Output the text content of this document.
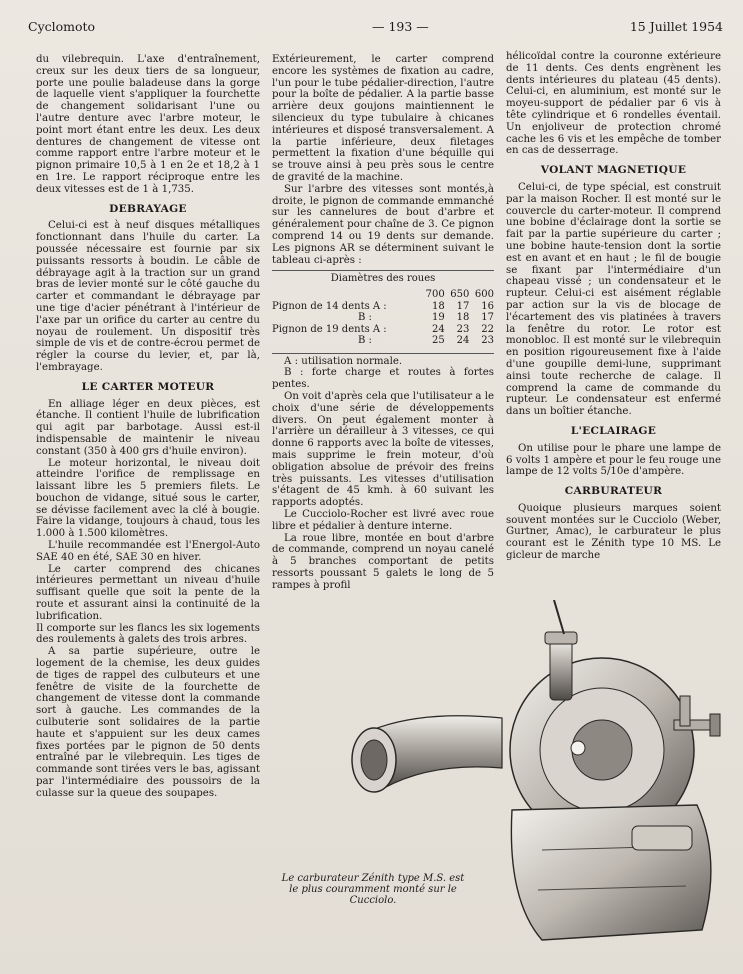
Cyclomoto	— 193 —	15 Juillet 1954

du vilebrequin. L'axe d'entraînement, creux sur les deux tiers de sa longueur, porte une poulie baladeuse dans la gorge de laquelle vient s'appliquer la fourchette de changement solidarisant l'une ou l'autre denture avec l'arbre moteur, le point mort étant entre les deux. Les deux dentures de changement de vitesse ont comme rapport entre l'arbre moteur et le pignon primaire 10,5 à 1 en 2e et 18,2 à 1 en 1re. Le rapport réciproque entre les deux vitesses est de 1 à 1,735.

DEBRAYAGE

Celui-ci est à neuf disques métalliques fonctionnant dans l'huile du carter. La poussée nécessaire est fournie par six puissants ressorts à boudin. Le câble de débrayage agit à la traction sur un grand bras de levier monté sur le côté gauche du carter et commandant le débrayage par une tige d'acier pénétrant à l'intérieur de l'axe par un orifice du carter au centre du noyau de roulement. Un dispositif très simple de vis et de contre-écrou permet de régler la course du levier, et, par là, l'embrayage.

LE CARTER MOTEUR

En alliage léger en deux pièces, est étanche. Il contient l'huile de lubrification qui agit par barbotage. Aussi est-il indispensable de maintenir le niveau constant (350 à 400 grs d'huile environ).

Le moteur horizontal, le niveau doit atteindre l'orifice de remplissage en laissant libre les 5 premiers filets. Le bouchon de vidange, situé sous le carter, se dévisse facilement avec la clé à bougie. Faire la vidange, toujours à chaud, tous les 1.000 à 1.500 kilomètres.

L'huile recommandée est l'Energol-Auto SAE 40 en été, SAE 30 en hiver.

Le carter comprend des chicanes intérieures permettant un niveau d'huile suffisant quelle que soit la pente de la route et assurant ainsi la continuité de la lubrification.

Il comporte sur les flancs les six logements des roulements à galets des trois arbres.

A sa partie supérieure, outre le logement de la chemise, les deux guides de tiges de rappel des culbuteurs et une fenêtre de visite de la fourchette de changement de vitesse dont la commande sort à gauche. Les commandes de la culbuterie sont solidaires de la partie haute et s'appuient sur les deux cames fixes portées par le pignon de 50 dents entraîné par le vilebrequin. Les tiges de commande sont tirées vers le bas, agissant par l'intermédiaire des poussoirs de la culasse sur la queue des soupapes.

Extérieurement, le carter comprend encore les systèmes de fixation au cadre, l'un pour le tube pédalier-direction, l'autre pour la boîte de pédalier. A la partie basse arrière deux goujons maintiennent le silencieux du type tubulaire à chicanes intérieures et disposé transversalement. A la partie inférieure, deux filetages permettent la fixation d'une béquille qui se trouve ainsi à peu près sous le centre de gravité de la machine.

Sur l'arbre des vitesses sont montés,à droite, le pignon de commande emmanché sur les cannelures de bout d'arbre et généralement pour chaîne de 3. Ce pignon comprend 14 ou 19 dents sur demande. Les pignons AR se déterminent suivant le tableau ci-après :

Diamètres des roues
	700	650	600
Pignon de 14 dents A :	18	17	16
B :	19	18	17
Pignon de 19 dents A :	24	23	22
B :	25	24	23

A : utilisation normale.

B : forte charge et routes à fortes pentes.

On voit d'après cela que l'utilisateur a le choix d'une série de développements divers. On peut également monter à l'arrière un dérailleur à 3 vitesses, ce qui donne 6 rapports avec la boîte de vitesses, mais supprime le frein moteur, d'où obligation absolue de prévoir des freins très puissants. Les vitesses d'utilisation s'étagent de 45 kmh. à 60 suivant les rapports adoptés.

Le Cucciolo-Rocher est livré avec roue libre et pédalier à denture interne.

La roue libre, montée en bout d'arbre de commande, comprend un noyau canelé à 5 branches comportant de petits ressorts poussant 5 galets le long de 5 rampes à profil

hélicoïdal contre la couronne extérieure de 11 dents. Ces dents engrènent les dents intérieures du plateau (45 dents). Celui-ci, en aluminium, est monté sur le moyeu-support de pédalier par 6 vis à tête cylindrique et 6 rondelles éventail. Un enjoliveur de protection chromé cache les 6 vis et les empêche de tomber en cas de desserrage.

VOLANT MAGNETIQUE

Celui-ci, de type spécial, est construit par la maison Rocher. Il est monté sur le couvercle du carter-moteur. Il comprend une bobine d'éclairage dont la sortie se fait par la partie supérieure du carter ; une bobine haute-tension dont la sortie est en avant et en haut ; le fil de bougie se fixant par l'intermédiaire d'un chapeau vissé ; un condensateur et le rupteur. Celui-ci est aisément réglable par action sur la vis de blocage de l'écartement des vis platinées à travers la fenêtre du rotor. Le rotor est monobloc. Il est monté sur le vilebrequin en position rigoureusement fixe à l'aide d'une goupille demi-lune, supprimant ainsi toute recherche de calage. Il comprend la came de commande du rupteur. Le condensateur est enfermé dans un boîtier étanche.

L'ECLAIRAGE

On utilise pour le phare une lampe de 6 volts 1 ampère et pour le feu rouge une lampe de 12 volts 5/10e d'ampère.

CARBURATEUR

Quoique plusieurs marques soient souvent montées sur le Cucciolo (Weber, Gurtner, Amac), le carburateur le plus courant est le Zénith type 10 MS. Le gicleur de marche

Le carburateur Zénith type M.S. est le plus couramment monté sur le Cucciolo.
